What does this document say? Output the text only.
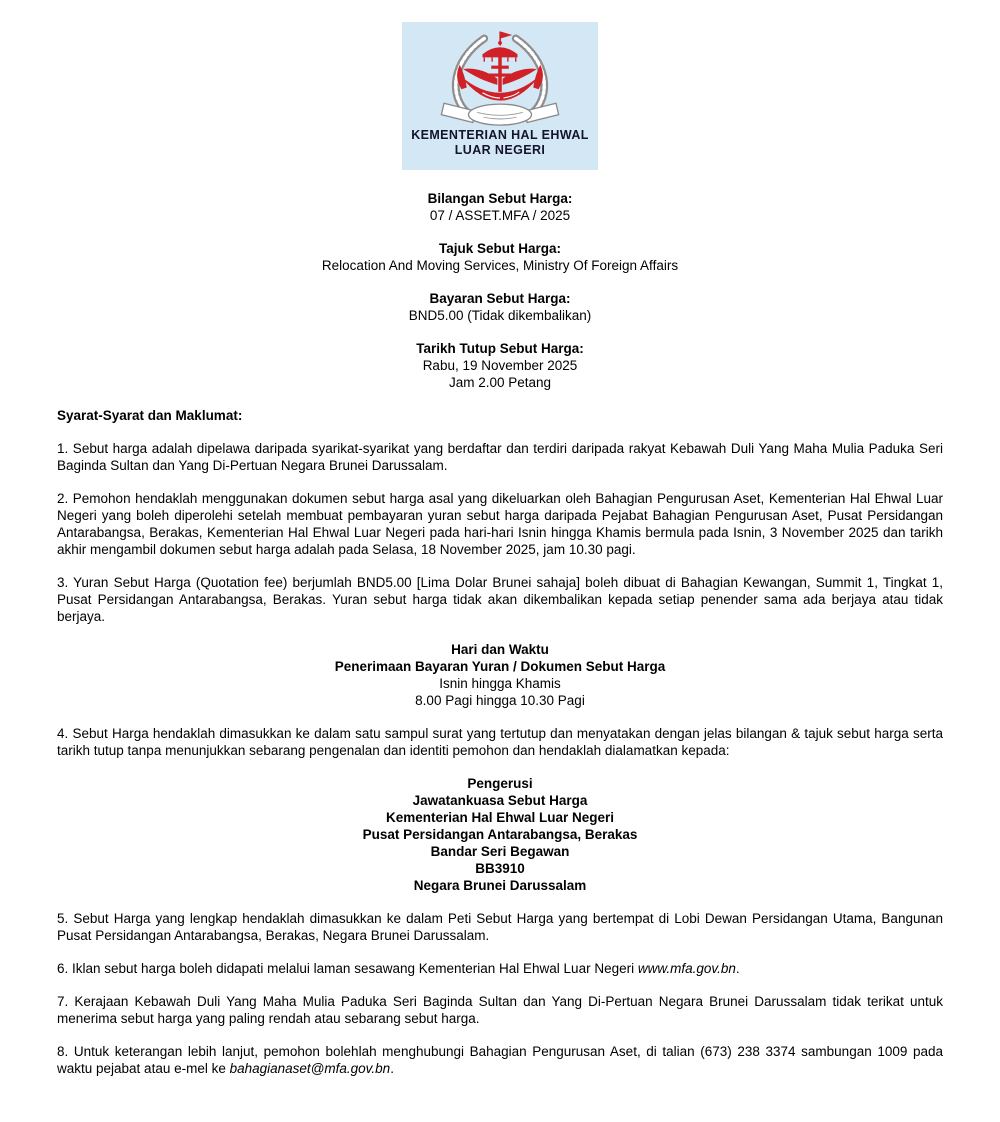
KEMENTERIAN HAL EHWAL
LUAR NEGERI
Bilangan Sebut Harga:
07 / ASSET.MFA / 2025
Tajuk Sebut Harga:
Relocation And Moving Services, Ministry Of Foreign Affairs
Bayaran Sebut Harga:
BND5.00 (Tidak dikembalikan)
Tarikh Tutup Sebut Harga:
Rabu, 19 November 2025
Jam 2.00 Petang
Syarat-Syarat dan Maklumat:

1. Sebut harga adalah dipelawa daripada syarikat-syarikat yang berdaftar dan terdiri daripada rakyat Kebawah Duli Yang Maha Mulia Paduka Seri Baginda Sultan dan Yang Di-Pertuan Negara Brunei Darussalam.

2. Pemohon hendaklah menggunakan dokumen sebut harga asal yang dikeluarkan oleh Bahagian Pengurusan Aset, Kementerian Hal Ehwal Luar Negeri yang boleh diperolehi setelah membuat pembayaran yuran sebut harga daripada Pejabat Bahagian Pengurusan Aset, Pusat Persidangan Antarabangsa, Berakas, Kementerian Hal Ehwal Luar Negeri pada hari-hari Isnin hingga Khamis bermula pada Isnin, 3 November 2025 dan tarikh akhir mengambil dokumen sebut harga adalah pada Selasa, 18 November 2025, jam 10.30 pagi.

3. Yuran Sebut Harga (Quotation fee) berjumlah BND5.00 [Lima Dolar Brunei sahaja] boleh dibuat di Bahagian Kewangan, Summit 1, Tingkat 1, Pusat Persidangan Antarabangsa, Berakas. Yuran sebut harga tidak akan dikembalikan kepada setiap penender sama ada berjaya atau tidak berjaya.

Hari dan Waktu
Penerimaan Bayaran Yuran / Dokumen Sebut Harga
Isnin hingga Khamis
8.00 Pagi hingga 10.30 Pagi

4. Sebut Harga hendaklah dimasukkan ke dalam satu sampul surat yang tertutup dan menyatakan dengan jelas bilangan & tajuk sebut harga serta tarikh tutup tanpa menunjukkan sebarang pengenalan dan identiti pemohon dan hendaklah dialamatkan kepada:

Pengerusi
Jawatankuasa Sebut Harga
Kementerian Hal Ehwal Luar Negeri
Pusat Persidangan Antarabangsa, Berakas
Bandar Seri Begawan
BB3910
Negara Brunei Darussalam

5. Sebut Harga yang lengkap hendaklah dimasukkan ke dalam Peti Sebut Harga yang bertempat di Lobi Dewan Persidangan Utama, Bangunan Pusat Persidangan Antarabangsa, Berakas, Negara Brunei Darussalam.

6. Iklan sebut harga boleh didapati melalui laman sesawang Kementerian Hal Ehwal Luar Negeri www.mfa.gov.bn.

7. Kerajaan Kebawah Duli Yang Maha Mulia Paduka Seri Baginda Sultan dan Yang Di-Pertuan Negara Brunei Darussalam tidak terikat untuk menerima sebut harga yang paling rendah atau sebarang sebut harga.

8. Untuk keterangan lebih lanjut, pemohon bolehlah menghubungi Bahagian Pengurusan Aset, di talian (673) 238 3374 sambungan 1009 pada waktu pejabat atau e-mel ke bahagianaset@mfa.gov.bn.
